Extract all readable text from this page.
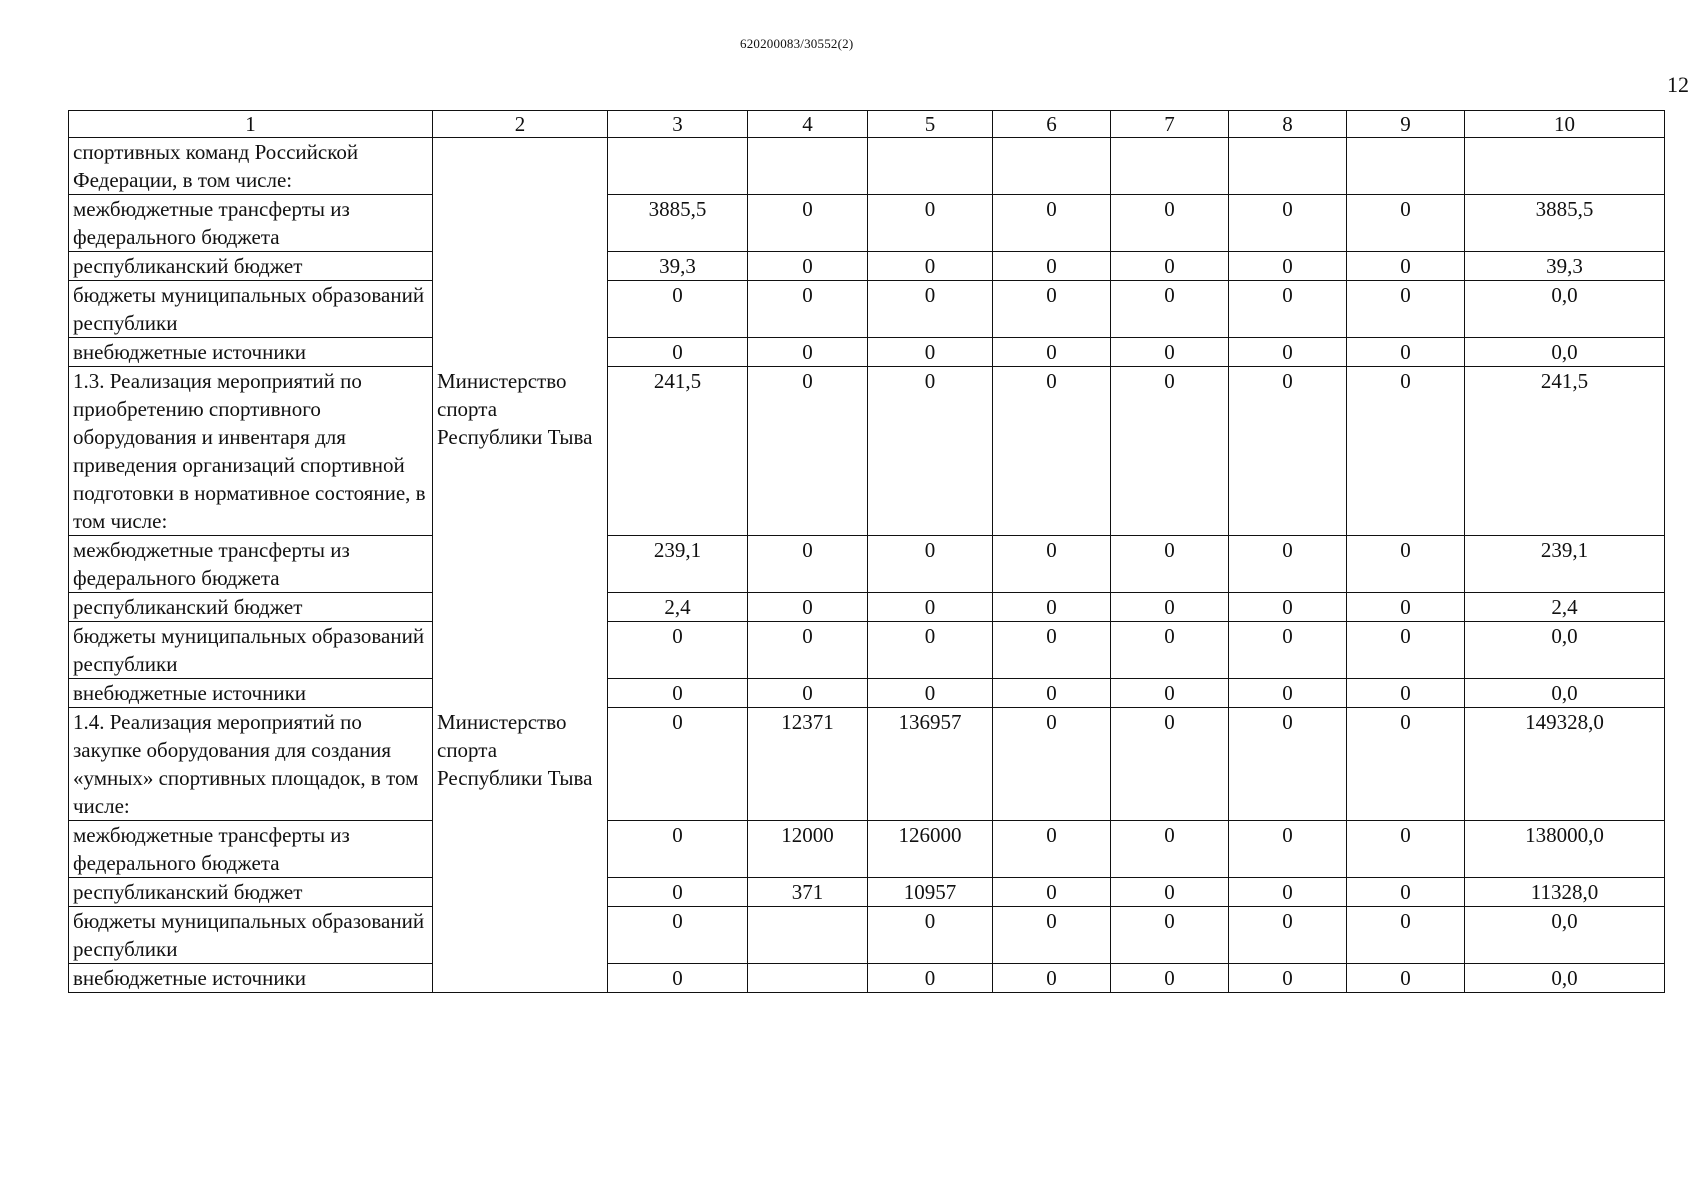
620200083/30552(2)
12
1	2	3	4	5	6	7	8	9	10
спортивных команд Российской Федерации, в том числе:									
межбюджетные трансферты из федерального бюджета		3885,5	0	0	0	0	0	0	3885,5
республиканский бюджет		39,3	0	0	0	0	0	0	39,3
бюджеты муниципальных образований республики		0	0	0	0	0	0	0	0,0
внебюджетные источники		0	0	0	0	0	0	0	0,0
1.3. Реализация мероприятий по приобретению спортивного оборудования и инвентаря для приведения организаций спортивной подготовки в нормативное состояние, в том числе:	Министерство спорта Республики Тыва	241,5	0	0	0	0	0	0	241,5
межбюджетные трансферты из федерального бюджета		239,1	0	0	0	0	0	0	239,1
республиканский бюджет		2,4	0	0	0	0	0	0	2,4
бюджеты муниципальных образований республики		0	0	0	0	0	0	0	0,0
внебюджетные источники		0	0	0	0	0	0	0	0,0
1.4. Реализация мероприятий по закупке оборудования для создания «умных» спортивных площадок, в том числе:	Министерство спорта Республики Тыва	0	12371	136957	0	0	0	0	149328,0
межбюджетные трансферты из федерального бюджета		0	12000	126000	0	0	0	0	138000,0
республиканский бюджет		0	371	10957	0	0	0	0	11328,0
бюджеты муниципальных образований республики		0		0	0	0	0	0	0,0
внебюджетные источники		0		0	0	0	0	0	0,0
